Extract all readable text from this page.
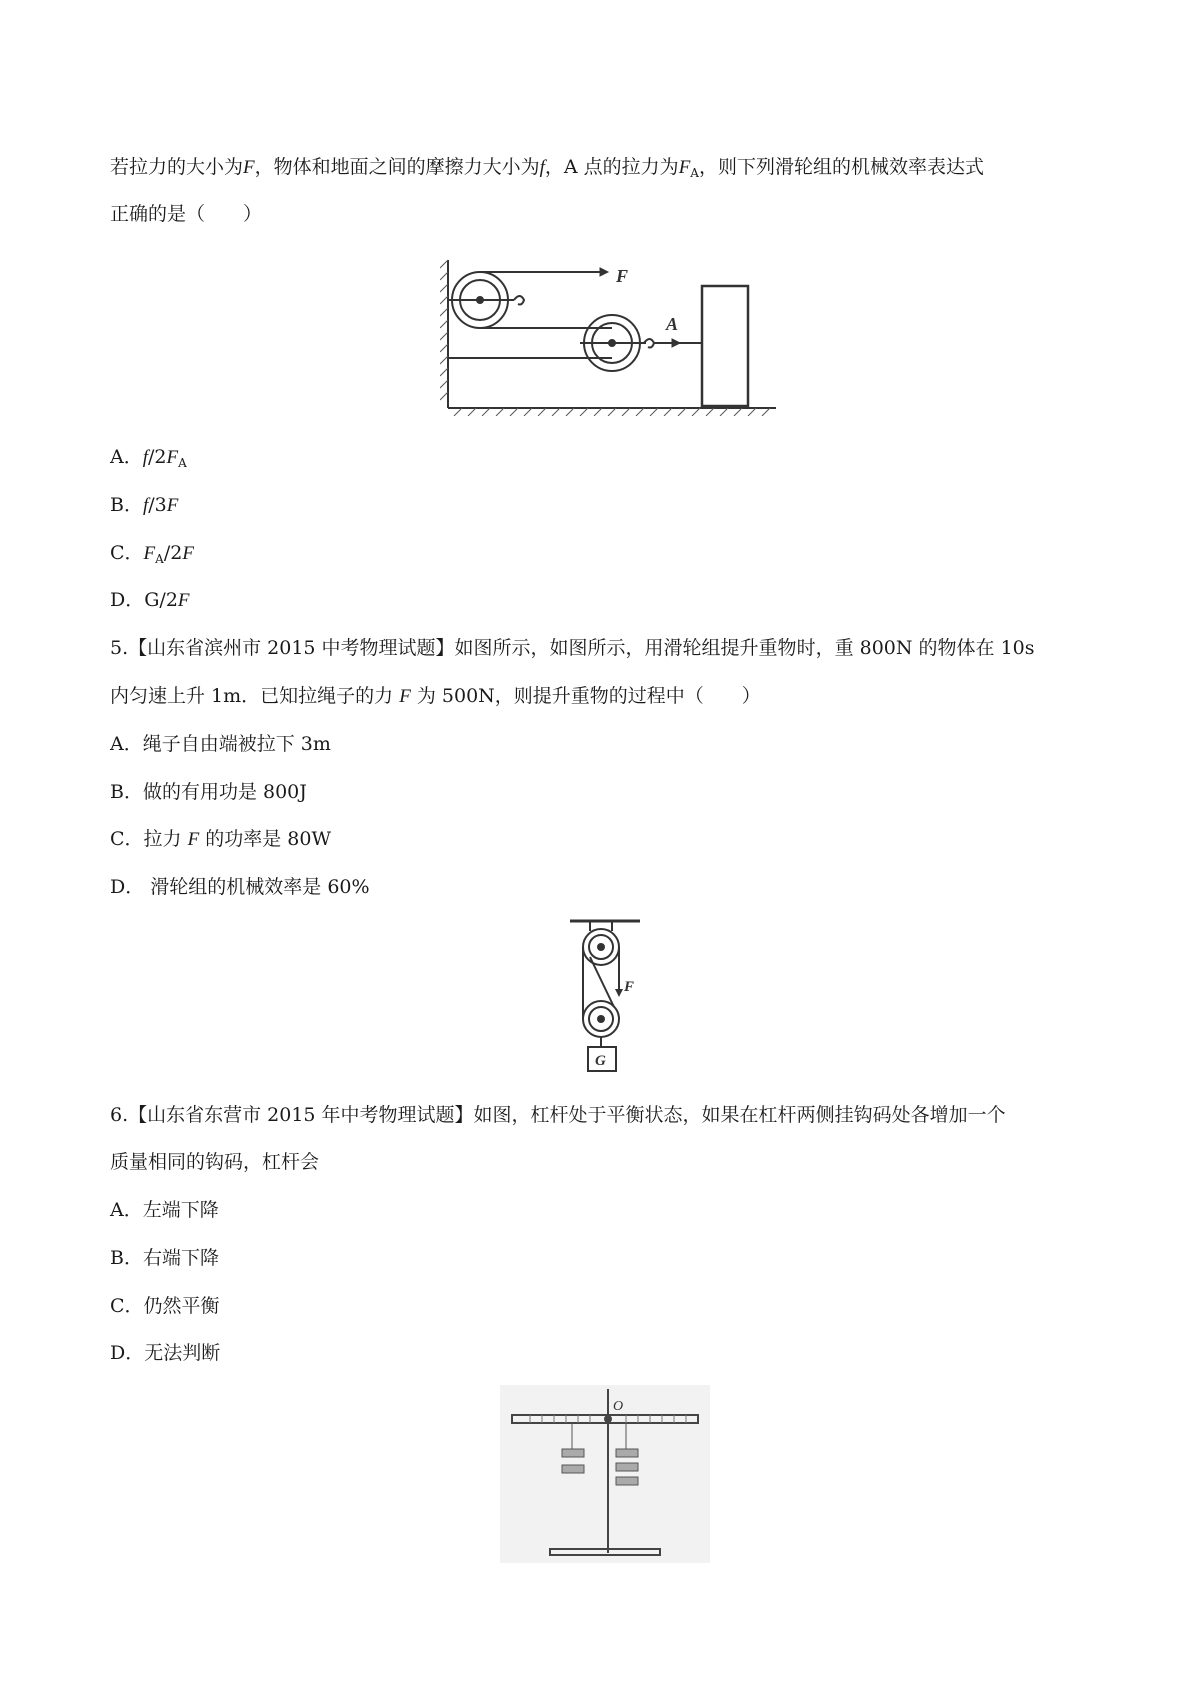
若拉力的大小为F，物体和地面之间的摩擦力大小为f，A 点的拉力为$F_A$，则下列滑轮组的机械效率表达式
正确的是（　　）
F
A
A．$f/2F_A$
B．f/3F
C．$F_A/2F$
D．G/2F
5.【山东省滨州市 2015 中考物理试题】如图所示，如图所示，用滑轮组提升重物时，重 800N 的物体在 10s
内匀速上升 1m．已知拉绳子的力 F 为 500N，则提升重物的过程中（　　）
A．绳子自由端被拉下 3m
B．做的有用功是 800J
C．拉力 F 的功率是 80W
D． 滑轮组的机械效率是 60%
F
G
6.【山东省东营市 2015 年中考物理试题】如图，杠杆处于平衡状态，如果在杠杆两侧挂钩码处各增加一个
质量相同的钩码，杠杆会
A．左端下降
B．右端下降
C．仍然平衡
D．无法判断
O
